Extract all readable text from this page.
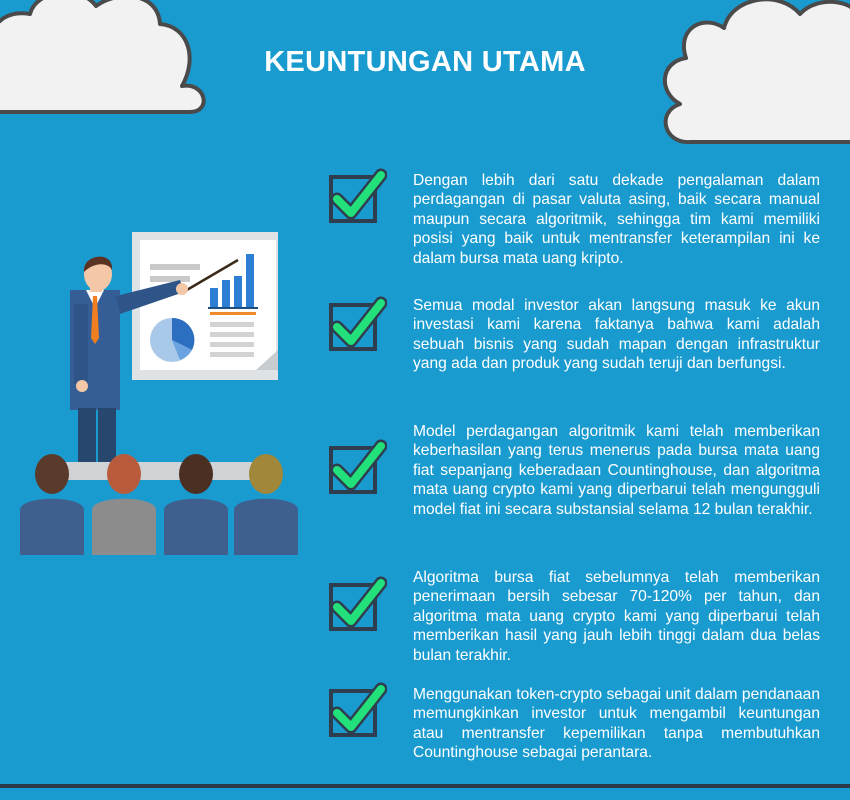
KEUNTUNGAN UTAMA

Dengan lebih dari satu dekade pengalaman dalam perdagangan di pasar valuta asing, baik secara manual maupun secara algoritmik, sehingga tim kami memiliki posisi yang baik untuk mentransfer keterampilan ini ke dalam bursa mata uang kripto.

Semua modal investor akan langsung masuk ke akun investasi kami karena faktanya bahwa kami adalah sebuah bisnis yang sudah mapan dengan infrastruktur yang ada dan produk yang sudah teruji dan berfungsi.

Model perdagangan algoritmik kami telah memberikan keberhasilan yang terus menerus pada bursa mata uang fiat sepanjang keberadaan Countinghouse, dan algoritma mata uang crypto kami yang diperbarui telah mengungguli model fiat ini secara substansial selama 12 bulan terakhir.

Algoritma bursa fiat sebelumnya telah memberikan penerimaan bersih sebesar 70-120% per tahun, dan algoritma mata uang crypto kami yang diperbarui telah memberikan hasil yang jauh lebih tinggi dalam dua belas bulan terakhir.

Menggunakan token-crypto sebagai unit dalam pendanaan memungkinkan investor untuk mengambil keuntungan atau mentransfer kepemilikan tanpa membutuhkan Countinghouse sebagai perantara.
